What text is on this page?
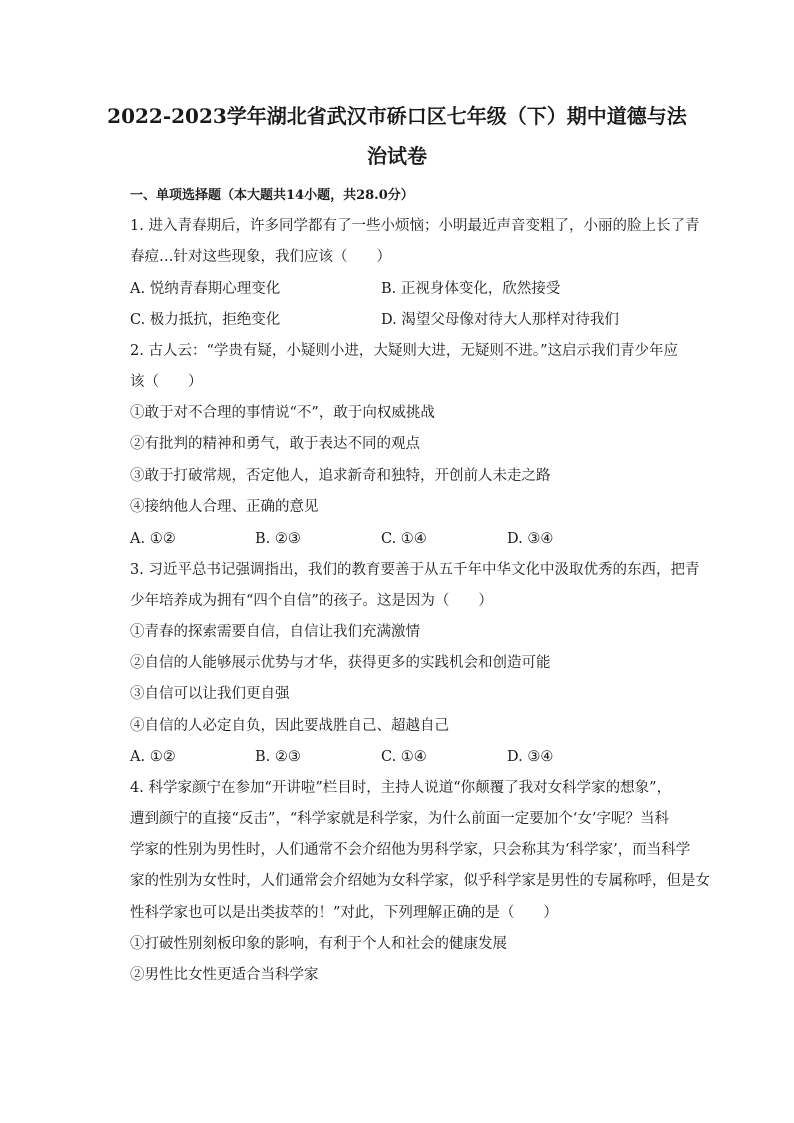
2022-2023学年湖北省武汉市硚口区七年级（下）期中道德与法
治试卷
一、单项选择题（本大题共14小题，共28.0分）
1. 进入青春期后，许多同学都有了一些小烦恼；小明最近声音变粗了，小丽的脸上长了青
春痘…针对这些现象，我们应该（　　）
A. 悦纳青春期心理变化	B. 正视身体变化，欣然接受
C. 极力抵抗，拒绝变化	D. 渴望父母像对待大人那样对待我们
2. 古人云：“学贵有疑，小疑则小进，大疑则大进，无疑则不进。”这启示我们青少年应
该（　　）
①敢于对不合理的事情说“不”，敢于向权威挑战
②有批判的精神和勇气，敢于表达不同的观点
③敢于打破常规，否定他人，追求新奇和独特，开创前人未走之路
④接纳他人合理、正确的意见
A. ①②	B. ②③	C. ①④	D. ③④
3. 习近平总书记强调指出，我们的教育要善于从五千年中华文化中汲取优秀的东西，把青
少年培养成为拥有“四个自信”的孩子。这是因为（　　）
①青春的探索需要自信，自信让我们充满激情
②自信的人能够展示优势与才华，获得更多的实践机会和创造可能
③自信可以让我们更自强
④自信的人必定自负，因此要战胜自己、超越自己
A. ①②	B. ②③	C. ①④	D. ③④
4. 科学家颜宁在参加“开讲啦”栏目时，主持人说道“你颠覆了我对女科学家的想象”，
遭到颜宁的直接“反击”，“科学家就是科学家，为什么前面一定要加个‘女’字呢？当科
学家的性别为男性时，人们通常不会介绍他为男科学家，只会称其为‘科学家’，而当科学
家的性别为女性时，人们通常会介绍她为女科学家，似乎科学家是男性的专属称呼，但是女
性科学家也可以是出类拔萃的！”对此，下列理解正确的是（　　）
①打破性别刻板印象的影响，有利于个人和社会的健康发展
②男性比女性更适合当科学家
